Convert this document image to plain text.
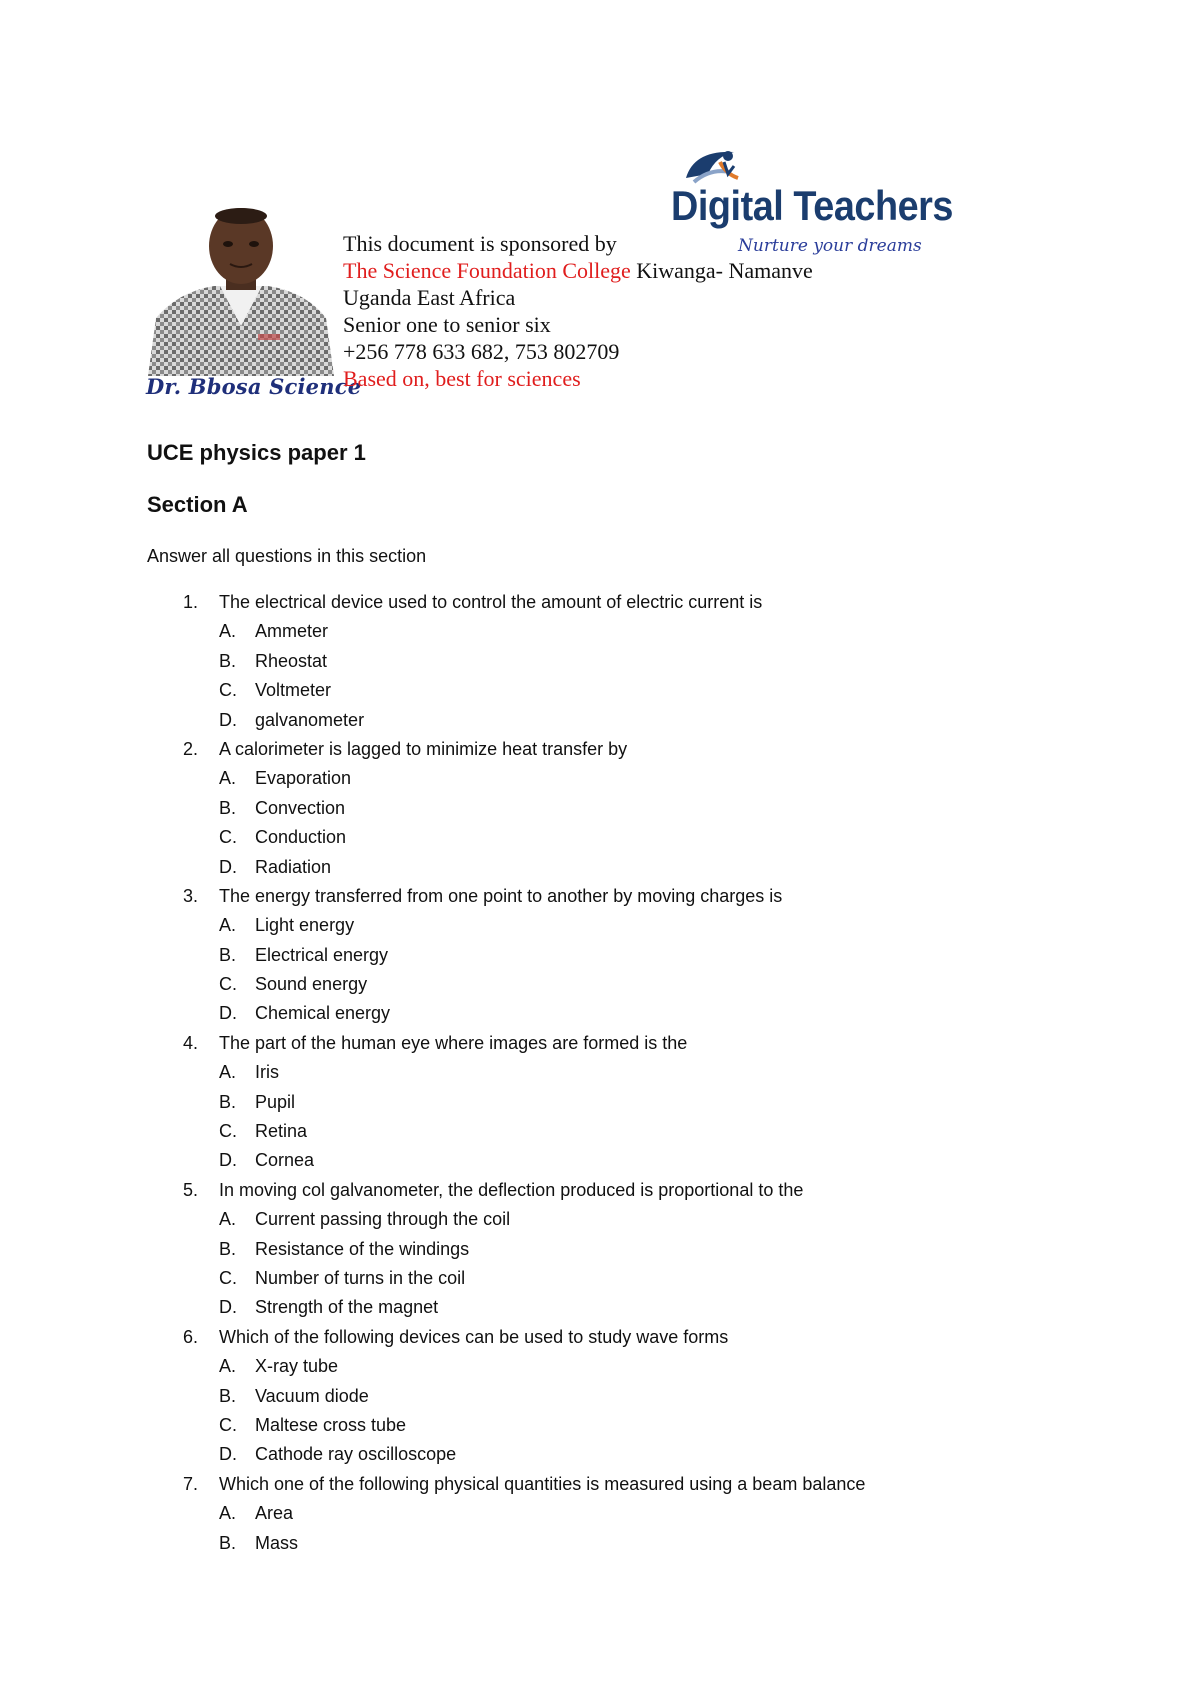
Dr. Bbosa Science
This document is sponsored by
The Science Foundation College Kiwanga- Namanve
Uganda East Africa
Senior one to senior six
+256 778 633 682, 753 802709
Based on, best for sciences
Digital Teachers
Nurture your dreams
UCE physics paper 1
Section A
Answer all questions in this section
1. The electrical device used to control the amount of electric current is
A. Ammeter
B. Rheostat
C. Voltmeter
D. galvanometer
2. A calorimeter is lagged to minimize heat transfer by
A. Evaporation
B. Convection
C. Conduction
D. Radiation
3. The energy transferred from one point to another by moving charges is
A. Light energy
B. Electrical energy
C. Sound energy
D. Chemical energy
4. The part of the human eye where images are formed is the
A. Iris
B. Pupil
C. Retina
D. Cornea
5. In moving col galvanometer, the deflection produced is proportional to the
A. Current passing through the coil
B. Resistance of the windings
C. Number of turns in the coil
D. Strength of the magnet
6. Which of the following devices can be used to study wave forms
A. X-ray tube
B. Vacuum diode
C. Maltese cross tube
D. Cathode ray oscilloscope
7. Which one of the following physical quantities is measured using a beam balance
A. Area
B. Mass
